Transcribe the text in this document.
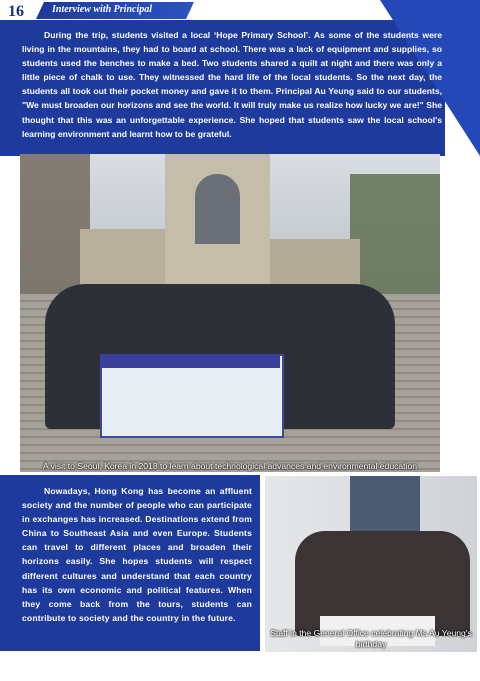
16	Interview with Principal

During the trip, students visited a local ‘Hope Primary School’. As some of the students were living in the mountains, they had to board at school. There was a lack of equipment and supplies, so students used the benches to make a bed. Two students shared a quilt at night and there was only a little piece of chalk to use. They witnessed the hard life of the local students. So the next day, the students all took out their pocket money and gave it to them. Principal Au Yeung said to our students, "We must broaden our horizons and see the world. It will truly make us realize how lucky we are!" She thought that this was an unforgettable experience. She hoped that students saw the local school's learning environment and learnt how to be grateful.

A visit to Seoul, Korea in 2018 to learn about technological advances and environmental education

Nowadays, Hong Kong has become an affluent society and the number of people who can participate in exchanges has increased. Destinations extend from China to Southeast Asia and even Europe. Students can travel to different places and broaden their horizons easily. She hopes students will respect different cultures and understand that each country has its own economic and political features. When they come back from the tours, students can contribute to society and the country in the future.

Staff in the General Office celebrating Ms Au Yeung's birthday
